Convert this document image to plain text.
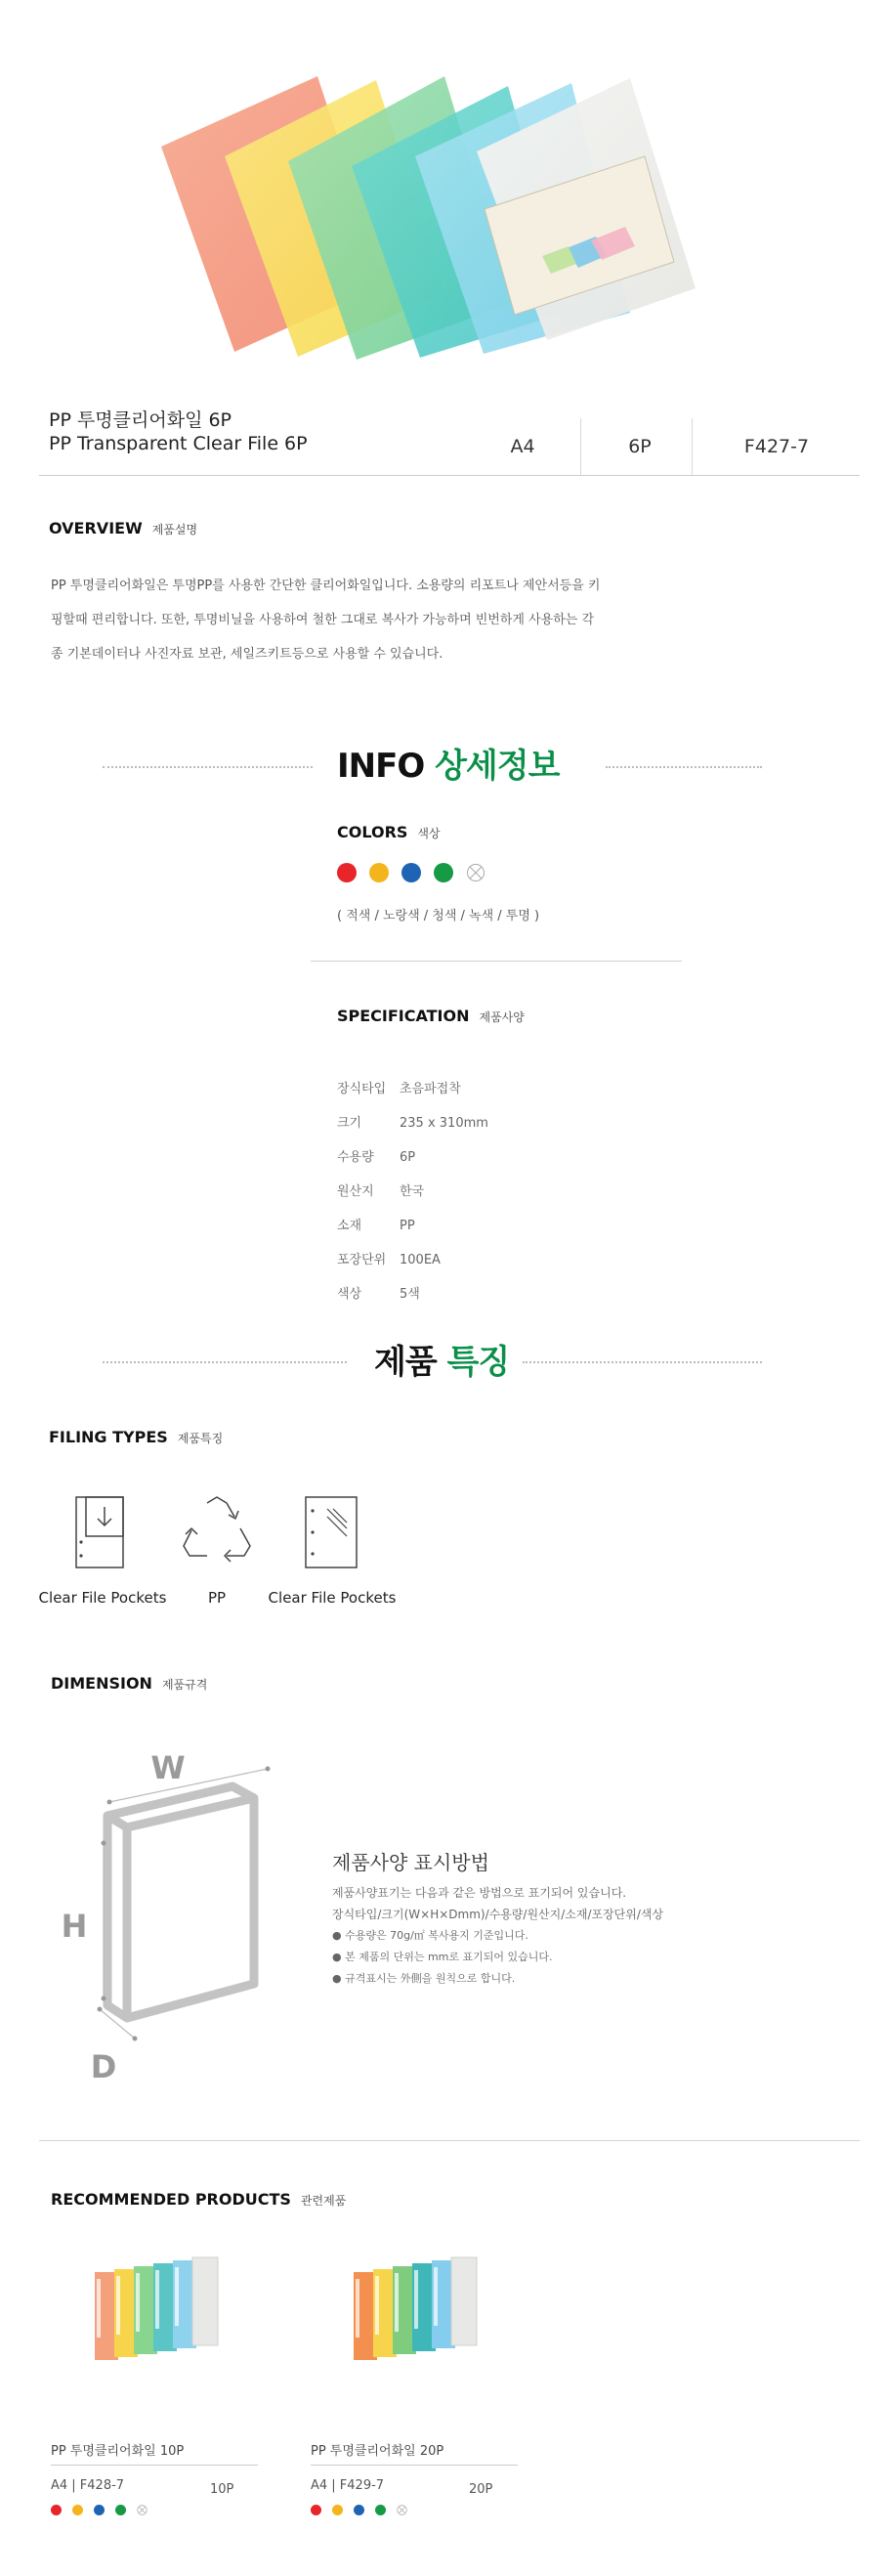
PP 투명클리어화일 6P
PP Transparent Clear File 6P	A4	6P	F427-7
OVERVIEW 제품설명
PP 투명클리어화일은 투명PP를 사용한 간단한 클리어화일입니다. 소용량의 리포트나 제안서등을 키
핑할때 편리합니다. 또한, 투명비닐을 사용하여 철한 그대로 복사가 가능하며 빈번하게 사용하는 각
종 기본데이터나 사진자료 보관, 세일즈키트등으로 사용할 수 있습니다.
INFO 상세정보
COLORS 색상
( 적색 / 노랑색 / 청색 / 녹색 / 투명 )
SPECIFICATION 제품사양
장식타입 초음파접착
크기	235 x 310mm
수용량 6P
원산지 한국
소재	PP
포장단위 100EA
색상	5색
제품 특징
FILING TYPES 제품특징
Clear File Pockets	PP	Clear File Pockets
DIMENSION 제품규격
W
H
D
제품사양 표시방법
제품사양표기는 다음과 같은 방법으로 표기되어 있습니다.
장식타입/크기(W×H×Dmm)/수용량/원산지/소재/포장단위/색상
● 수용량은 70g/㎡ 복사용지 기준입니다.
● 본 제품의 단위는 mm로 표기되어 있습니다.
● 규격표시는 外側을 원칙으로 합니다.
RECOMMENDED PRODUCTS 관련제품
PP 투명클리어화일 10P
A4 | F428-7	10P
PP 투명클리어화일 20P
A4 | F429-7	20P
